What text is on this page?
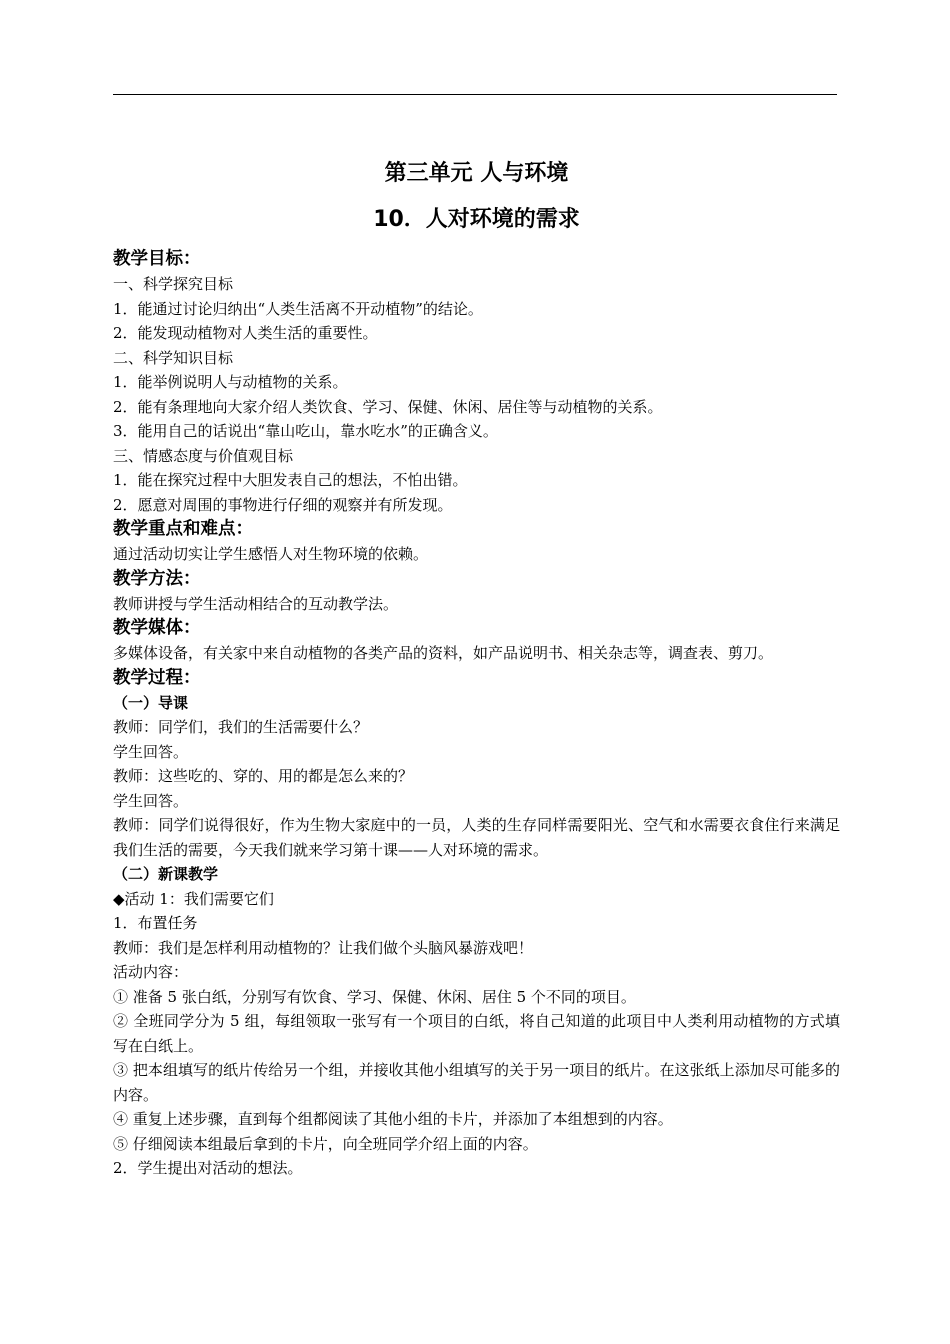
第三单元 人与环境
10．人对环境的需求
教学目标：
一、科学探究目标
1．能通过讨论归纳出“人类生活离不开动植物”的结论。
2．能发现动植物对人类生活的重要性。
二、科学知识目标
1．能举例说明人与动植物的关系。
2．能有条理地向大家介绍人类饮食、学习、保健、休闲、居住等与动植物的关系。
3．能用自己的话说出“靠山吃山，靠水吃水”的正确含义。
三、情感态度与价值观目标
1．能在探究过程中大胆发表自己的想法，不怕出错。
2．愿意对周围的事物进行仔细的观察并有所发现。
教学重点和难点：
通过活动切实让学生感悟人对生物环境的依赖。
教学方法：
教师讲授与学生活动相结合的互动教学法。
教学媒体：
多媒体设备，有关家中来自动植物的各类产品的资料，如产品说明书、相关杂志等，调查表、剪刀。
教学过程：
（一）导课
教师：同学们，我们的生活需要什么？
学生回答。
教师：这些吃的、穿的、用的都是怎么来的？
学生回答。
教师：同学们说得很好，作为生物大家庭中的一员，人类的生存同样需要阳光、空气和水需要衣食住行来满足我们生活的需要，今天我们就来学习第十课——人对环境的需求。
（二）新课教学
◆活动 1：我们需要它们
1．布置任务
教师：我们是怎样利用动植物的？让我们做个头脑风暴游戏吧！
活动内容：
① 准备 5 张白纸，分别写有饮食、学习、保健、休闲、居住 5 个不同的项目。
② 全班同学分为 5 组，每组领取一张写有一个项目的白纸，将自己知道的此项目中人类利用动植物的方式填写在白纸上。
③ 把本组填写的纸片传给另一个组，并接收其他小组填写的关于另一项目的纸片。在这张纸上添加尽可能多的内容。
④ 重复上述步骤，直到每个组都阅读了其他小组的卡片，并添加了本组想到的内容。
⑤ 仔细阅读本组最后拿到的卡片，向全班同学介绍上面的内容。
2．学生提出对活动的想法。
